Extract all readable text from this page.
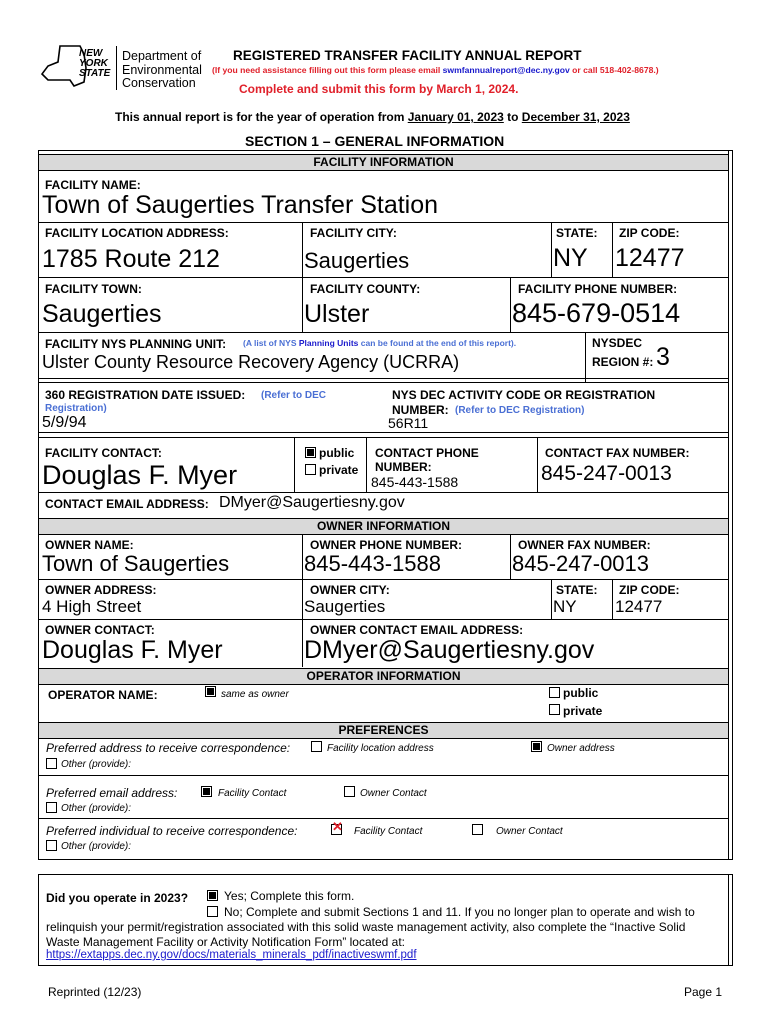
NEW
YORK
STATE
Department of
Environmental
Conservation
REGISTERED TRANSFER FACILITY ANNUAL REPORT
(If you need assistance filling out this form please email swmfannualreport@dec.ny.gov or call 518-402-8678.)
Complete and submit this form by March 1, 2024.
This annual report is for the year of operation from January 01, 2023 to December 31, 2023
SECTION 1 – GENERAL INFORMATION
FACILITY INFORMATION
FACILITY NAME:
Town of Saugerties Transfer Station
FACILITY LOCATION ADDRESS:
1785 Route 212
FACILITY CITY:
Saugerties
STATE:
NY
ZIP CODE:
12477
FACILITY TOWN:
Saugerties
FACILITY COUNTY:
Ulster
FACILITY PHONE NUMBER:
845-679-0514
FACILITY NYS PLANNING UNIT: (A list of NYS Planning Units can be found at the end of this report).
Ulster County Resource Recovery Agency (UCRRA)
NYSDEC
REGION #: 3
360 REGISTRATION DATE ISSUED: (Refer to DEC
Registration)
5/9/94
NYS DEC ACTIVITY CODE OR REGISTRATION
NUMBER: (Refer to DEC Registration)
56R11
FACILITY CONTACT:
Douglas F. Myer
public
private
CONTACT PHONE
NUMBER:
845-443-1588
CONTACT FAX NUMBER:
845-247-0013
CONTACT EMAIL ADDRESS: DMyer@Saugertiesny.gov
OWNER INFORMATION
OWNER NAME:
Town of Saugerties
OWNER PHONE NUMBER:
845-443-1588
OWNER FAX NUMBER:
845-247-0013
OWNER ADDRESS:
4 High Street
OWNER CITY:
Saugerties
STATE:
NY
ZIP CODE:
12477
OWNER CONTACT:
Douglas F. Myer
OWNER CONTACT EMAIL ADDRESS:
DMyer@Saugertiesny.gov
OPERATOR INFORMATION
OPERATOR NAME:	same as owner	public
private
PREFERENCES
Preferred address to receive correspondence:	Facility location address	Owner address
Other (provide):
Preferred email address:	Facility Contact	Owner Contact
Other (provide):
Preferred individual to receive correspondence:	✕ Facility Contact	Owner Contact
Other (provide):
Did you operate in 2023?	Yes; Complete this form.
No; Complete and submit Sections 1 and 11. If you no longer plan to operate and wish to
relinquish your permit/registration associated with this solid waste management activity, also complete the “Inactive Solid
Waste Management Facility or Activity Notification Form” located at:
https://extapps.dec.ny.gov/docs/materials_minerals_pdf/inactiveswmf.pdf
Reprinted (12/23)	Page 1
